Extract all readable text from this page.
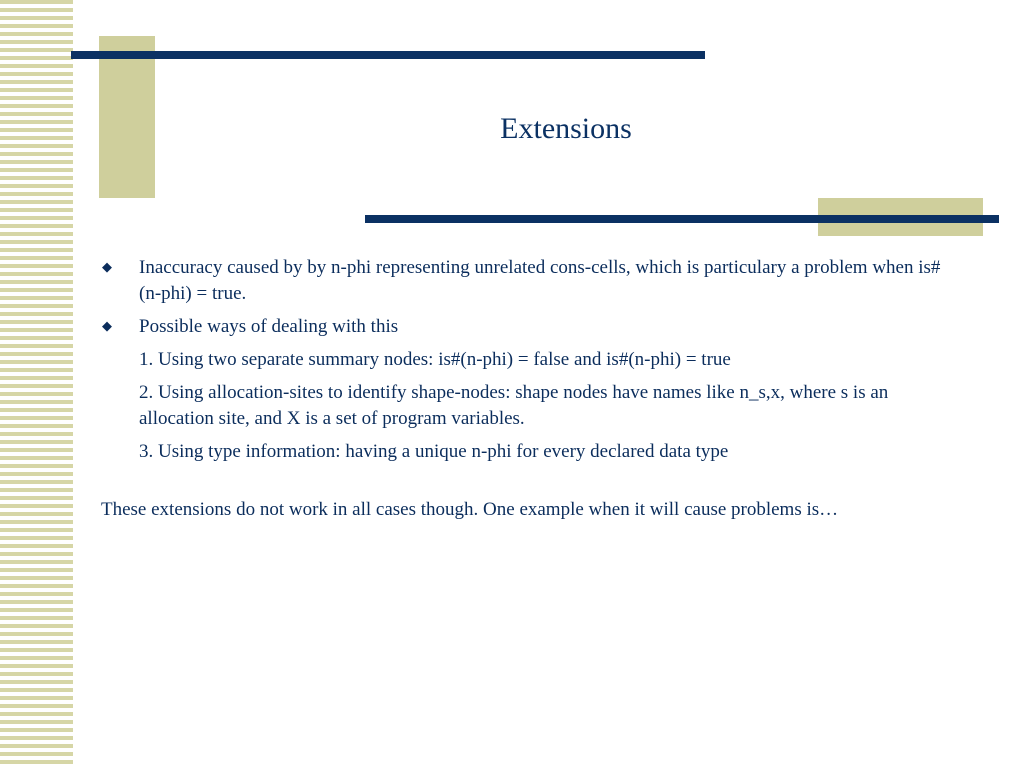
Extensions
◆ Inaccuracy caused by by n-phi representing unrelated cons-cells, which is particulary a problem when is#(n-phi) = true.
◆ Possible ways of dealing with this
1. Using two separate summary nodes: is#(n-phi) = false and is#(n-phi) = true
2. Using allocation-sites to identify shape-nodes: shape nodes have names like n_s,x, where s is an allocation site, and X is a set of program variables.
3. Using type information: having a unique n-phi for every declared data type
These extensions do not work in all cases though. One example when it will cause problems is…
